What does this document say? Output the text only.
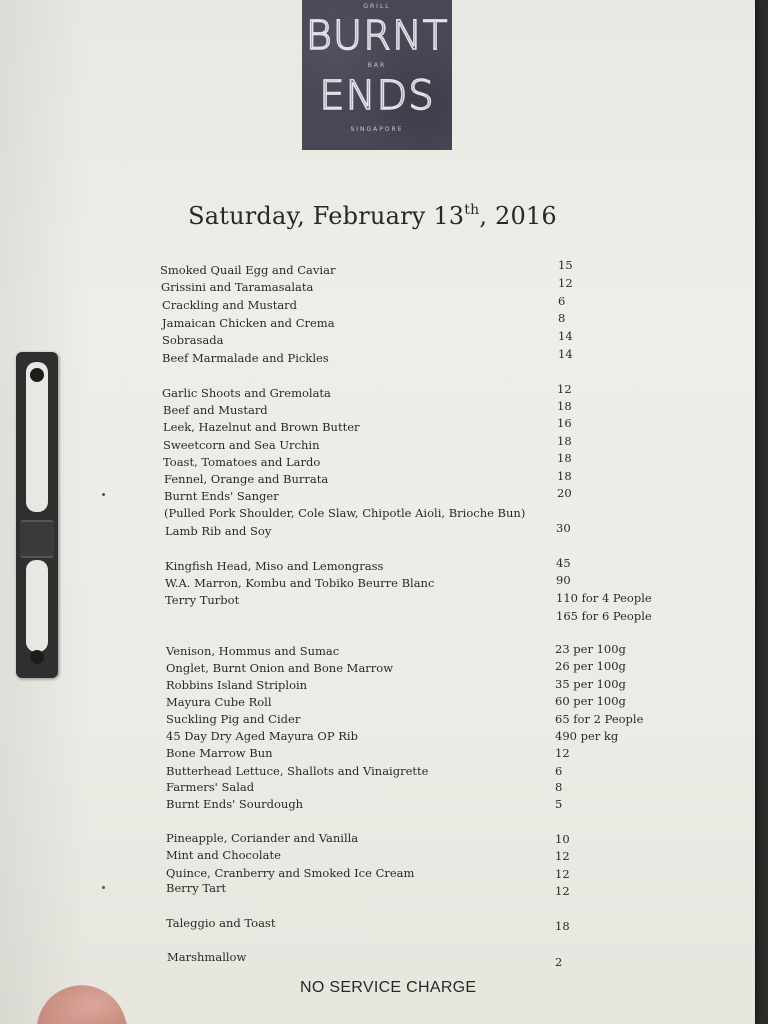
GRILL
BURNT
BAR
ENDS
SINGAPORE
Saturday, February 13th, 2016
Smoked Quail Egg and Caviar	15
Grissini and Taramasalata	12
Crackling and Mustard	6
Jamaican Chicken and Crema	8
Sobrasada	14
Beef Marmalade and Pickles	14
Garlic Shoots and Gremolata	12
Beef and Mustard	18
Leek, Hazelnut and Brown Butter	16
Sweetcorn and Sea Urchin	18
Toast, Tomatoes and Lardo	18
Fennel, Orange and Burrata	18
Burnt Ends' Sanger	20
(Pulled Pork Shoulder, Cole Slaw, Chipotle Aioli, Brioche Bun)
Lamb Rib and Soy	30
Kingfish Head, Miso and Lemongrass	45
W.A. Marron, Kombu and Tobiko Beurre Blanc	90
Terry Turbot	110 for 4 People
165 for 6 People
Venison, Hommus and Sumac	23 per 100g
Onglet, Burnt Onion and Bone Marrow	26 per 100g
Robbins Island Striploin	35 per 100g
Mayura Cube Roll	60 per 100g
Suckling Pig and Cider	65 for 2 People
45 Day Dry Aged Mayura OP Rib	490 per kg
Bone Marrow Bun	12
Butterhead Lettuce, Shallots and Vinaigrette	6
Farmers' Salad	8
Burnt Ends' Sourdough	5
Pineapple, Coriander and Vanilla	10
Mint and Chocolate	12
Quince, Cranberry and Smoked Ice Cream	12
Berry Tart	12
Taleggio and Toast	18
Marshmallow	2
NO SERVICE CHARGE
